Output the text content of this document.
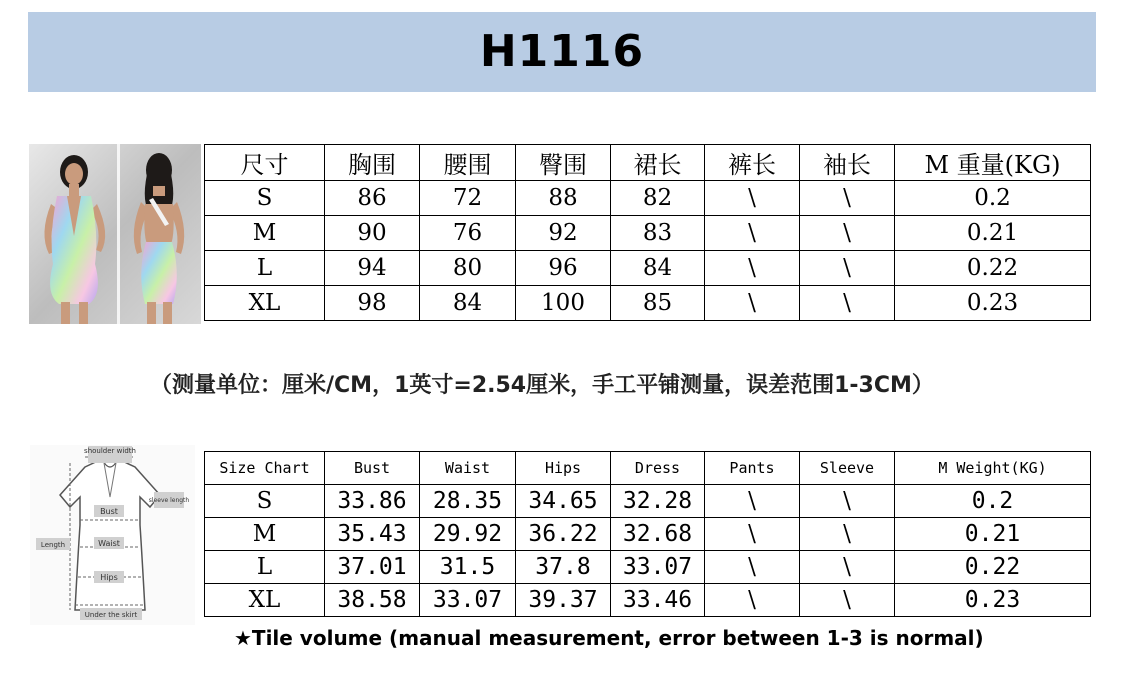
H1116
尺寸	胸围	腰围	臀围	裙长	裤长	袖长	M 重量(KG)
S	86	72	88	82	\	\	0.2
M	90	76	92	83	\	\	0.21
L	94	80	96	84	\	\	0.22
XL	98	84	100	85	\	\	0.23
（测量单位：厘米/CM，1英寸=2.54厘米，手工平铺测量，误差范围1-3CM）
shoulder width
sleeve length
Bust
Waist
Hips
Length
Under the skirt
Size Chart	Bust	Waist	Hips	Dress	Pants	Sleeve	M Weight(KG)
S	33.86	28.35	34.65	32.28	\	\	0.2
M	35.43	29.92	36.22	32.68	\	\	0.21
L	37.01	31.5	37.8	33.07	\	\	0.22
XL	38.58	33.07	39.37	33.46	\	\	0.23
★Tile volume (manual measurement, error between 1-3 is normal)
